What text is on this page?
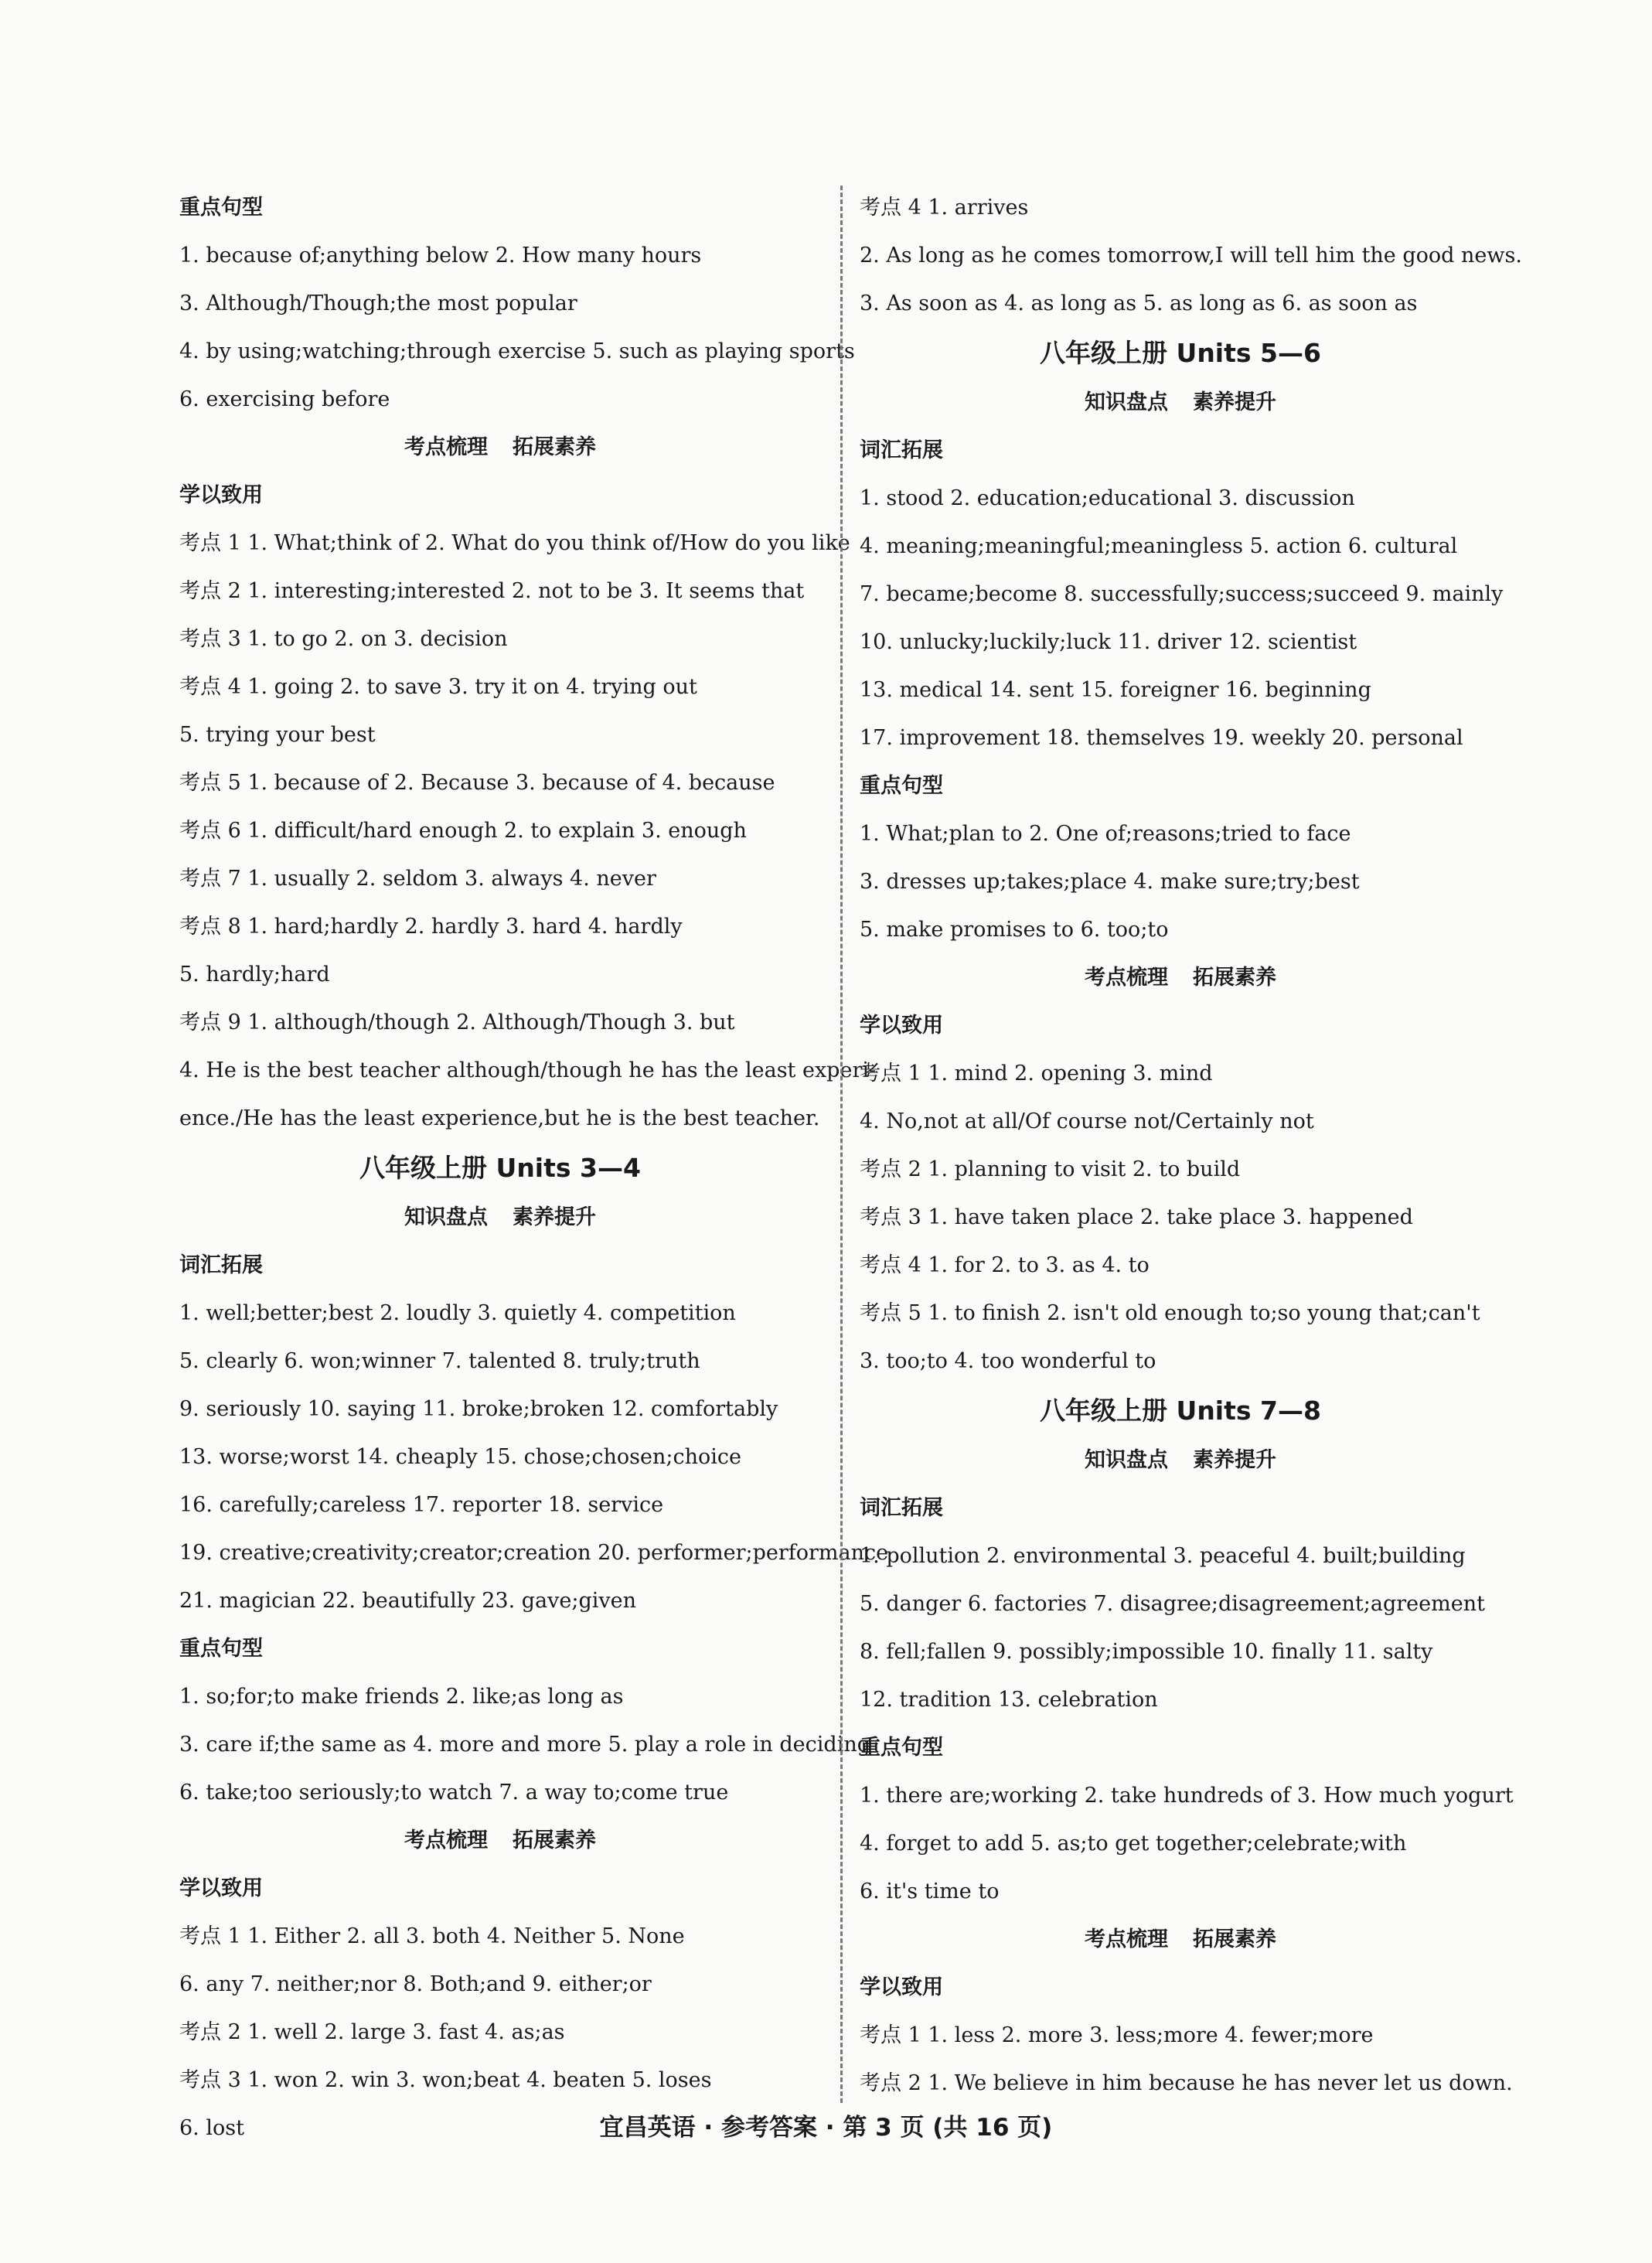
重点句型
1. because of;anything below 2. How many hours
3. Although/Though;the most popular
4. by using;watching;through exercise 5. such as playing sports
6. exercising before
考点梳理 拓展素养
学以致用
考点 1 1. What;think of 2. What do you think of/How do you like
考点 2 1. interesting;interested 2. not to be 3. It seems that
考点 3 1. to go 2. on 3. decision
考点 4 1. going 2. to save 3. try it on 4. trying out
5. trying your best
考点 5 1. because of 2. Because 3. because of 4. because
考点 6 1. difficult/hard enough 2. to explain 3. enough
考点 7 1. usually 2. seldom 3. always 4. never
考点 8 1. hard;hardly 2. hardly 3. hard 4. hardly
5. hardly;hard
考点 9 1. although/though 2. Although/Though 3. but
4. He is the best teacher although/though he has the least experi-
ence./He has the least experience,but he is the best teacher.
八年级上册 Units 3—4
知识盘点 素养提升
词汇拓展
1. well;better;best 2. loudly 3. quietly 4. competition
5. clearly 6. won;winner 7. talented 8. truly;truth
9. seriously 10. saying 11. broke;broken 12. comfortably
13. worse;worst 14. cheaply 15. chose;chosen;choice
16. carefully;careless 17. reporter 18. service
19. creative;creativity;creator;creation 20. performer;performance
21. magician 22. beautifully 23. gave;given
重点句型
1. so;for;to make friends 2. like;as long as
3. care if;the same as 4. more and more 5. play a role in deciding
6. take;too seriously;to watch 7. a way to;come true
考点梳理 拓展素养
学以致用
考点 1 1. Either 2. all 3. both 4. Neither 5. None
6. any 7. neither;nor 8. Both;and 9. either;or
考点 2 1. well 2. large 3. fast 4. as;as
考点 3 1. won 2. win 3. won;beat 4. beaten 5. loses
6. lost
考点 4 1. arrives
2. As long as he comes tomorrow,I will tell him the good news.
3. As soon as 4. as long as 5. as long as 6. as soon as
八年级上册 Units 5—6
知识盘点 素养提升
词汇拓展
1. stood 2. education;educational 3. discussion
4. meaning;meaningful;meaningless 5. action 6. cultural
7. became;become 8. successfully;success;succeed 9. mainly
10. unlucky;luckily;luck 11. driver 12. scientist
13. medical 14. sent 15. foreigner 16. beginning
17. improvement 18. themselves 19. weekly 20. personal
重点句型
1. What;plan to 2. One of;reasons;tried to face
3. dresses up;takes;place 4. make sure;try;best
5. make promises to 6. too;to
考点梳理 拓展素养
学以致用
考点 1 1. mind 2. opening 3. mind
4. No,not at all/Of course not/Certainly not
考点 2 1. planning to visit 2. to build
考点 3 1. have taken place 2. take place 3. happened
考点 4 1. for 2. to 3. as 4. to
考点 5 1. to finish 2. isn't old enough to;so young that;can't
3. too;to 4. too wonderful to
八年级上册 Units 7—8
知识盘点 素养提升
词汇拓展
1. pollution 2. environmental 3. peaceful 4. built;building
5. danger 6. factories 7. disagree;disagreement;agreement
8. fell;fallen 9. possibly;impossible 10. finally 11. salty
12. tradition 13. celebration
重点句型
1. there are;working 2. take hundreds of 3. How much yogurt
4. forget to add 5. as;to get together;celebrate;with
6. it's time to
考点梳理 拓展素养
学以致用
考点 1 1. less 2. more 3. less;more 4. fewer;more
考点 2 1. We believe in him because he has never let us down.
宜昌英语 · 参考答案 · 第 3 页 (共 16 页)
